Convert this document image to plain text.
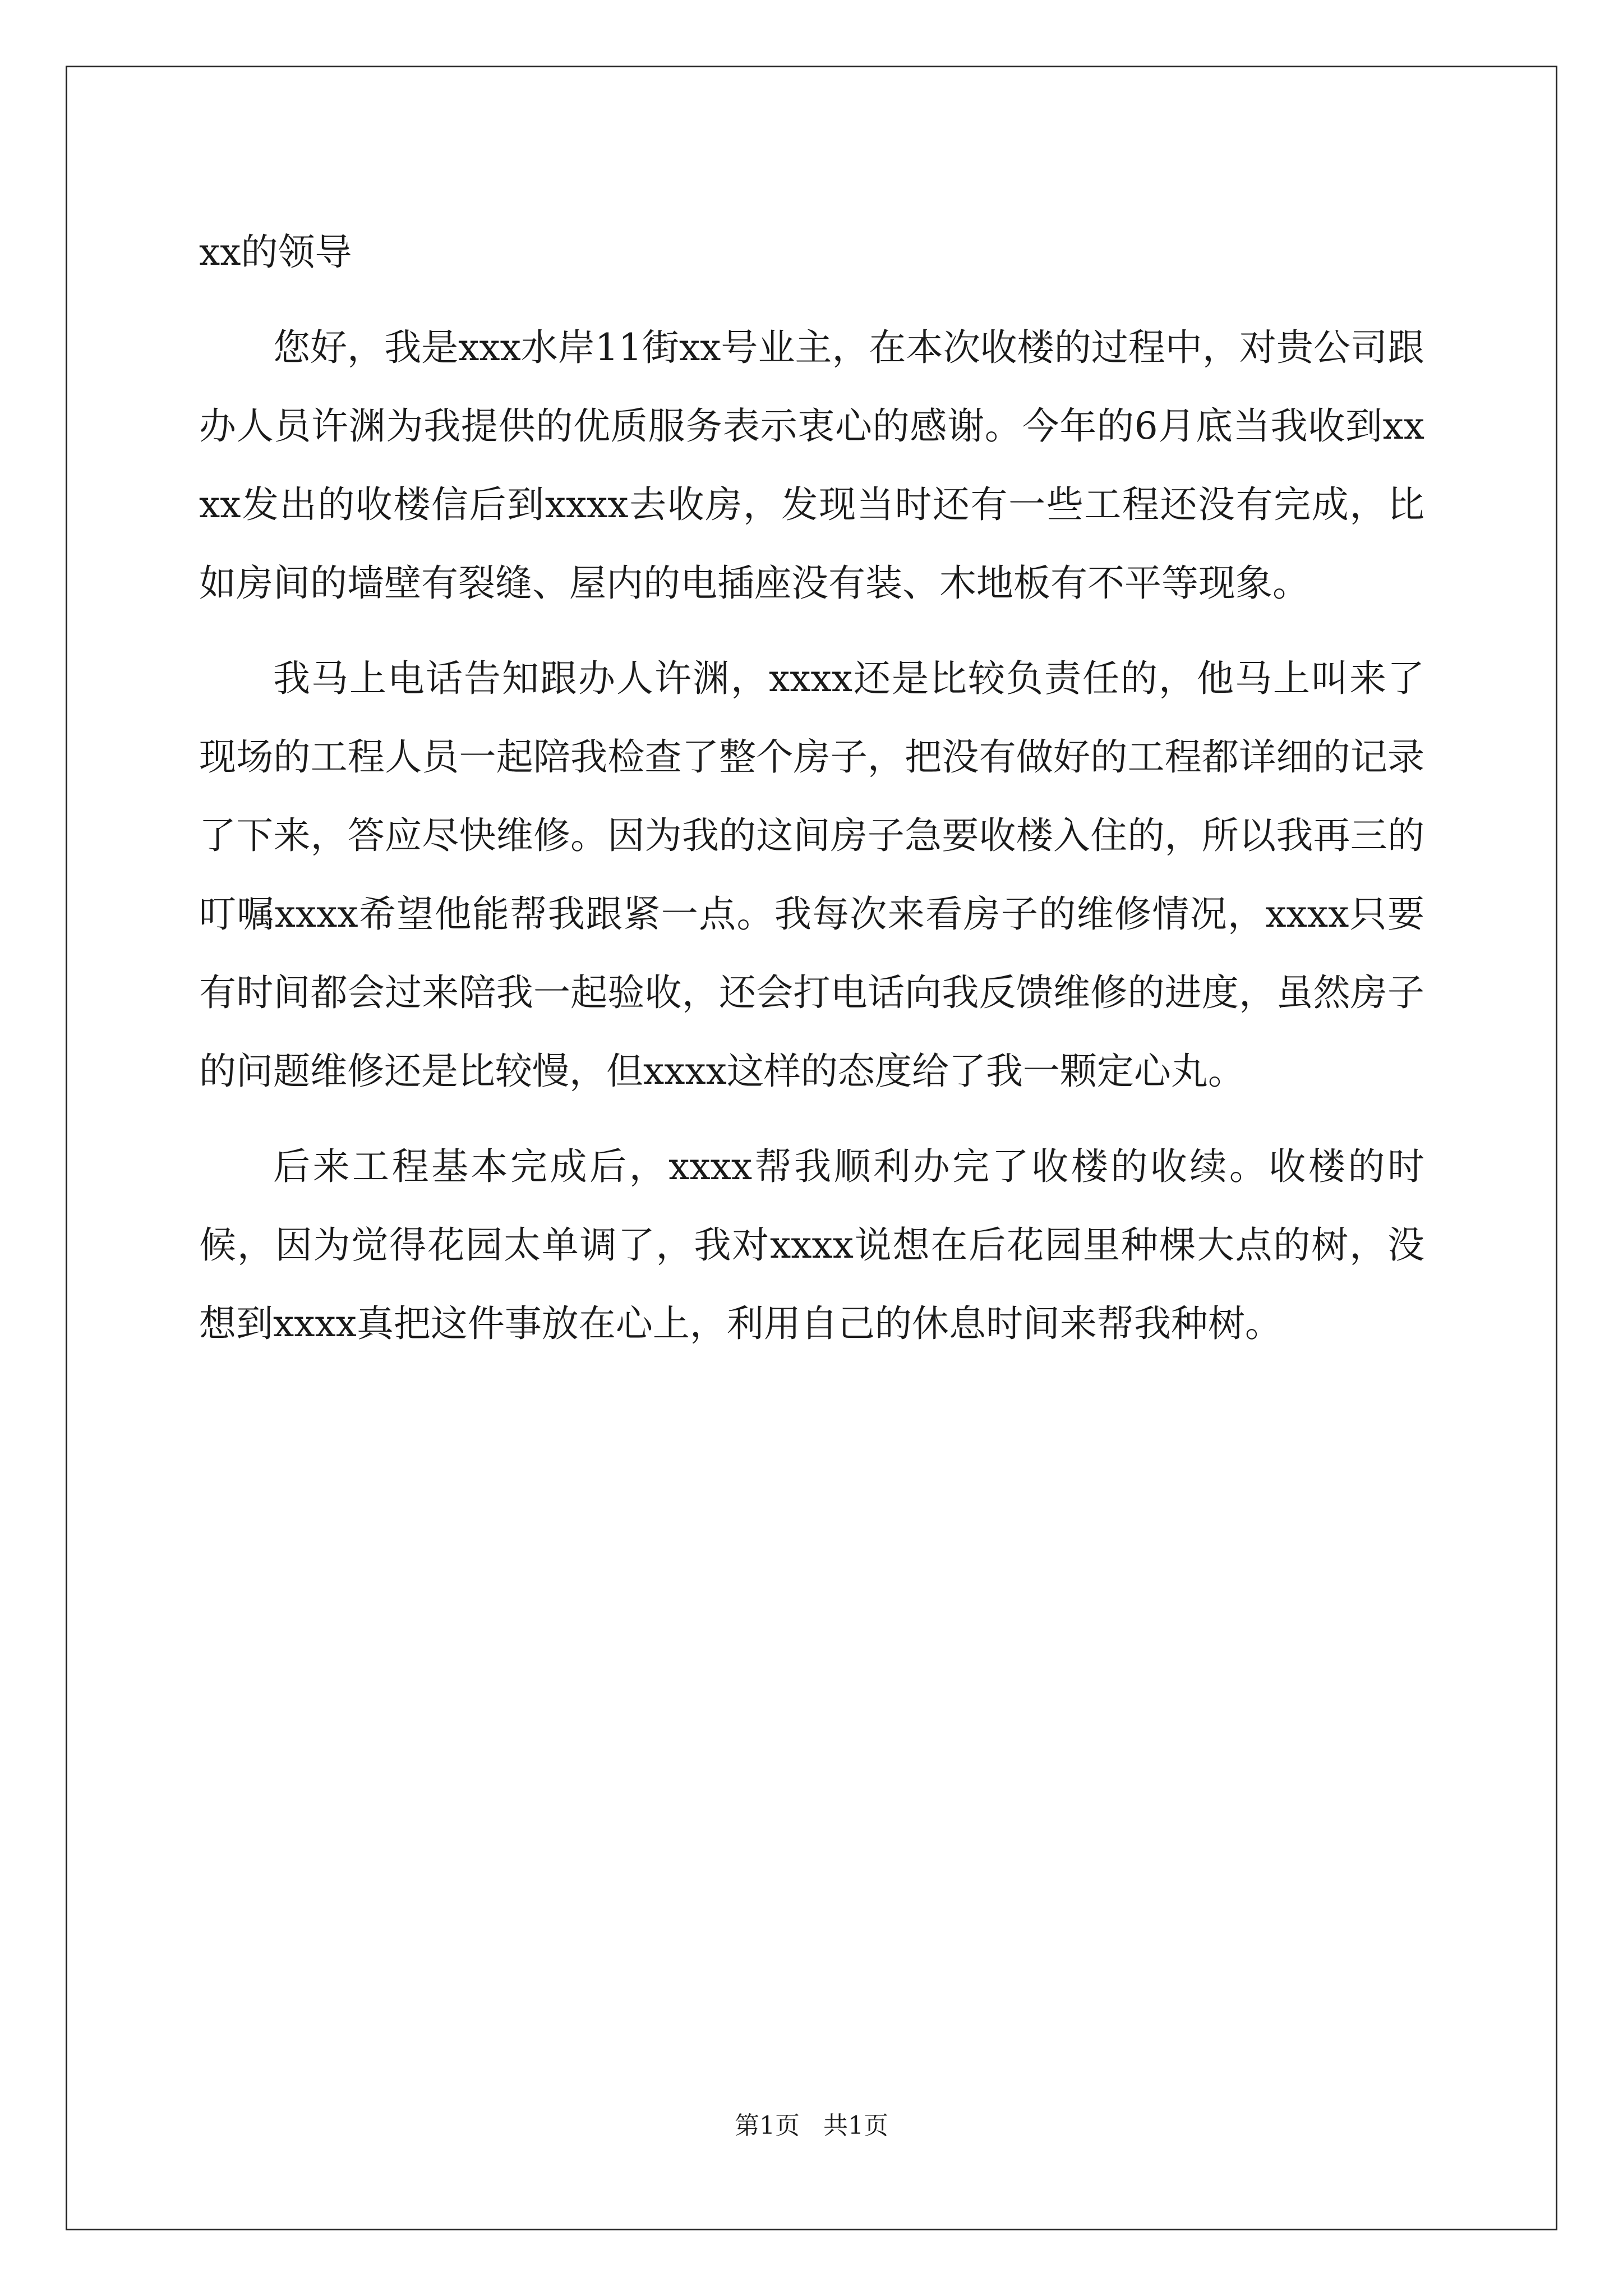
xx的领导

您好，我是xxx水岸11街xx号业主，在本次收楼的过程中，对贵公司跟办人员许渊为我提供的优质服务表示衷心的感谢。今年的6月底当我收到xxxx发出的收楼信后到xxxx去收房，发现当时还有一些工程还没有完成，比如房间的墙壁有裂缝、屋内的电插座没有装、木地板有不平等现象。

我马上电话告知跟办人许渊，xxxx还是比较负责任的，他马上叫来了现场的工程人员一起陪我检查了整个房子，把没有做好的工程都详细的记录了下来，答应尽快维修。因为我的这间房子急要收楼入住的，所以我再三的叮嘱xxxx希望他能帮我跟紧一点。我每次来看房子的维修情况，xxxx只要有时间都会过来陪我一起验收，还会打电话向我反馈维修的进度，虽然房子的问题维修还是比较慢，但xxxx这样的态度给了我一颗定心丸。

后来工程基本完成后，xxxx帮我顺利办完了收楼的收续。收楼的时候，因为觉得花园太单调了，我对xxxx说想在后花园里种棵大点的树，没想到xxxx真把这件事放在心上，利用自己的休息时间来帮我种树。

第1页   共1页
